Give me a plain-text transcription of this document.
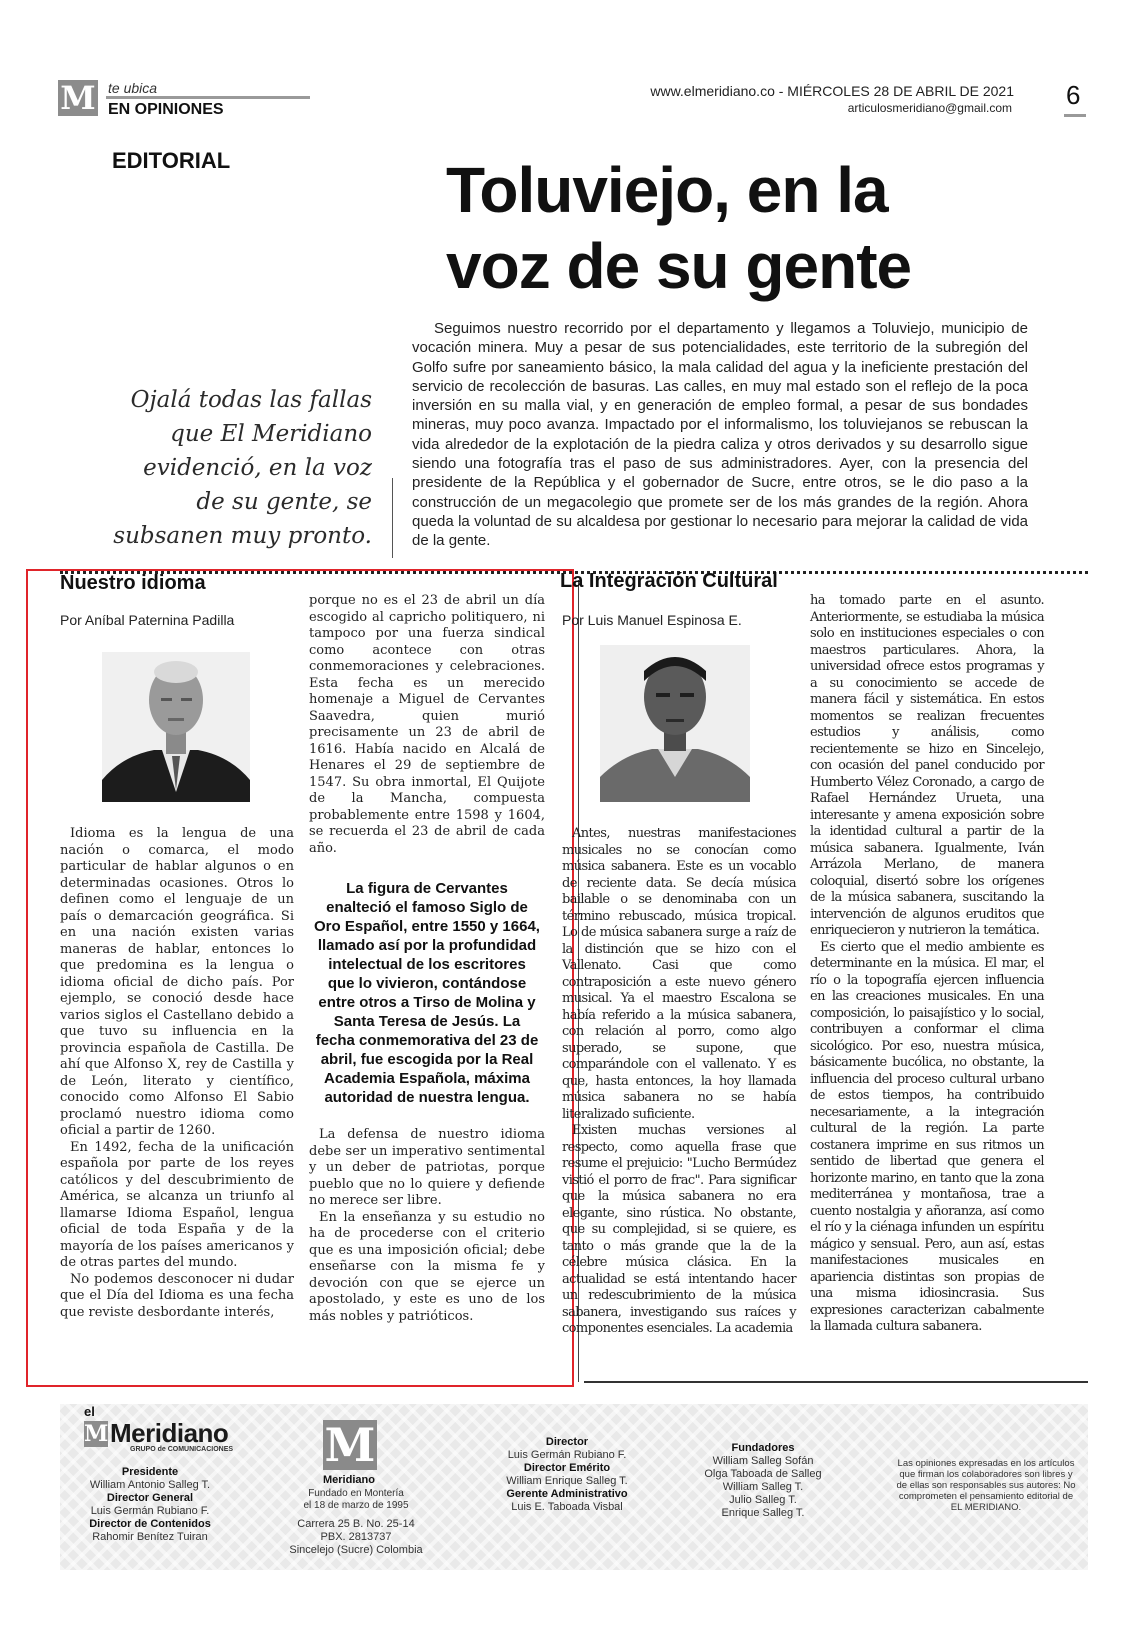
M te ubica
EN OPINIONES
www.elmeridiano.co - MIÉRCOLES 28 DE ABRIL DE 2021
articulosmeridiano@gmail.com 6
EDITORIAL	Toluviejo, en la
voz de su gente
Ojalá todas las fallas que El Meridiano evidenció, en la voz de su gente, se subsanen muy pronto.

Seguimos nuestro recorrido por el departamento y llegamos a Toluviejo, municipio de vocación minera. Muy a pesar de sus potencialidades, este territorio de la subregión del Golfo sufre por saneamiento básico, la mala calidad del agua y la ineficiente prestación del servicio de recolección de basuras. Las calles, en muy mal estado son el reflejo de la poca inversión en su malla vial, y en generación de empleo formal, a pesar de sus bondades mineras, muy poco avanza. Impactado por el informalismo, los toluviejanos se rebuscan la vida alrededor de la explotación de la piedra caliza y otros derivados y su desarrollo sigue siendo una fotografía tras el paso de sus administradores. Ayer, con la presencia del presidente de la República y el gobernador de Sucre, entre otros, se le dio paso a la construcción de un megacolegio que promete ser de los más grandes de la región. Ahora queda la voluntad de su alcaldesa por gestionar lo necesario para mejorar la calidad de vida de la gente.

Nuestro idioma
Por Aníbal Paternina Padilla

Idioma es la lengua de una nación o comarca, el modo particular de hablar algunos o en determinadas ocasiones. Otros lo definen como el lenguaje de un país o demarcación geográfica. Si en una nación existen varias maneras de hablar, entonces lo que predomina es la lengua o idioma oficial de dicho país. Por ejemplo, se conoció desde hace varios siglos el Castellano debido a que tuvo su influencia en la provincia española de Castilla. De ahí que Alfonso X, rey de Castilla y de León, literato y científico, conocido como Alfonso El Sabio proclamó nuestro idioma como oficial a partir de 1260.

En 1492, fecha de la unificación española por parte de los reyes católicos y del descubrimiento de América, se alcanza un triunfo al llamarse Idioma Español, lengua oficial de toda España y de la mayoría de los países americanos y de otras partes del mundo.

No podemos desconocer ni dudar que el Día del Idioma es una fecha que reviste desbordante interés,

porque no es el 23 de abril un día escogido al capricho politiquero, ni tampoco por una fuerza sindical como acontece con otras conmemoraciones y celebraciones. Esta fecha es un merecido homenaje a Miguel de Cervantes Saavedra, quien murió precisamente un 23 de abril de 1616. Había nacido en Alcalá de Henares el 29 de septiembre de 1547. Su obra inmortal, El Quijote de la Mancha, compuesta probablemente entre 1598 y 1604, se recuerda el 23 de abril de cada año.

La figura de Cervantes enalteció el famoso Siglo de Oro Español, entre 1550 y 1664, llamado así por la profundidad intelectual de los escritores que lo vivieron, contándose entre otros a Tirso de Molina y Santa Teresa de Jesús. La fecha conmemorativa del 23 de abril, fue escogida por la Real Academia Española, máxima autoridad de nuestra lengua.

La defensa de nuestro idioma debe ser un imperativo sentimental y un deber de patriotas, porque pueblo que no lo quiere y defiende no merece ser libre.

En la enseñanza y su estudio no ha de procederse con el criterio que es una imposición oficial; debe enseñarse con la misma fe y devoción con que se ejerce un apostolado, y este es uno de los más nobles y patrióticos.

La Integración Cultural
Por Luis Manuel Espinosa E.

Antes, nuestras manifestaciones musicales no se conocían como música sabanera. Este es un vocablo de reciente data. Se decía música bailable o se denominaba con un término rebuscado, música tropical. Lo de música sabanera surge a raíz de la distinción que se hizo con el Vallenato. Casi que como contraposición a este nuevo género musical. Ya el maestro Escalona se había referido a la música sabanera, con relación al porro, como algo superado, se supone, que comparándole con el vallenato. Y es que, hasta entonces, la hoy llamada música sabanera no se había literalizado suficiente.

Existen muchas versiones al respecto, como aquella frase que resume el prejuicio: "Lucho Bermúdez vistió el porro de frac". Para significar que la música sabanera no era elegante, sino rústica. No obstante, que su complejidad, si se quiere, es tanto o más grande que la de la célebre música clásica. En la actualidad se está intentando hacer un redescubrimiento de la música sabanera, investigando sus raíces y componentes esenciales. La academia

ha tomado parte en el asunto. Anteriormente, se estudiaba la música solo en instituciones especiales o con maestros particulares. Ahora, la universidad ofrece estos programas y a su conocimiento se accede de manera fácil y sistemática. En estos momentos se realizan frecuentes estudios y análisis, como recientemente se hizo en Sincelejo, con ocasión del panel conducido por Humberto Vélez Coronado, a cargo de Rafael Hernández Urueta, una interesante y amena exposición sobre la identidad cultural a partir de la música sabanera. Igualmente, Iván Arrázola Merlano, de manera coloquial, disertó sobre los orígenes de la música sabanera, suscitando la intervención de algunos eruditos que enriquecieron y nutrieron la temática.

Es cierto que el medio ambiente es determinante en la música. El mar, el río o la topografía ejercen influencia en las creaciones musicales. En una composición, lo paisajístico y lo social, contribuyen a conformar el clima sicológico. Por eso, nuestra música, básicamente bucólica, no obstante, la influencia del proceso cultural urbano de estos tiempos, ha contribuido necesariamente, a la integración cultural de la región. La parte costanera imprime en sus ritmos un sentido de libertad que genera el horizonte marino, en tanto que la zona mediterránea y montañosa, trae a cuento nostalgia y añoranza, así como el río y la ciénaga infunden un espíritu mágico y sensual. Pero, aun así, estas manifestaciones musicales en apariencia distintas son propias de una misma idiosincrasia. Sus expresiones caracterizan cabalmente la llamada cultura sabanera.

el
M Meridiano
GRUPO de COMUNICACIONES
Presidente
William Antonio Salleg T.
Director General
Luis Germán Rubiano F.
Director de Contenidos
Rahomir Benítez Tuiran
M
Meridiano
Fundado en Montería
el 18 de marzo de 1995
Carrera 25 B. No. 25-14
PBX. 2813737
Sincelejo (Sucre) Colombia
Director
Luis Germán Rubiano F.
Director Emérito
William Enrique Salleg T.
Gerente Administrativo
Luis E. Taboada Visbal
Fundadores
William Salleg Sofán
Olga Taboada de Salleg
William Salleg T.
Julio Salleg T.
Enrique Salleg T.
Las opiniones expresadas en los artículos que firman los colaboradores son libres y de ellas son responsables sus autores: No comprometen el pensamiento editorial de EL MERIDIANO.
